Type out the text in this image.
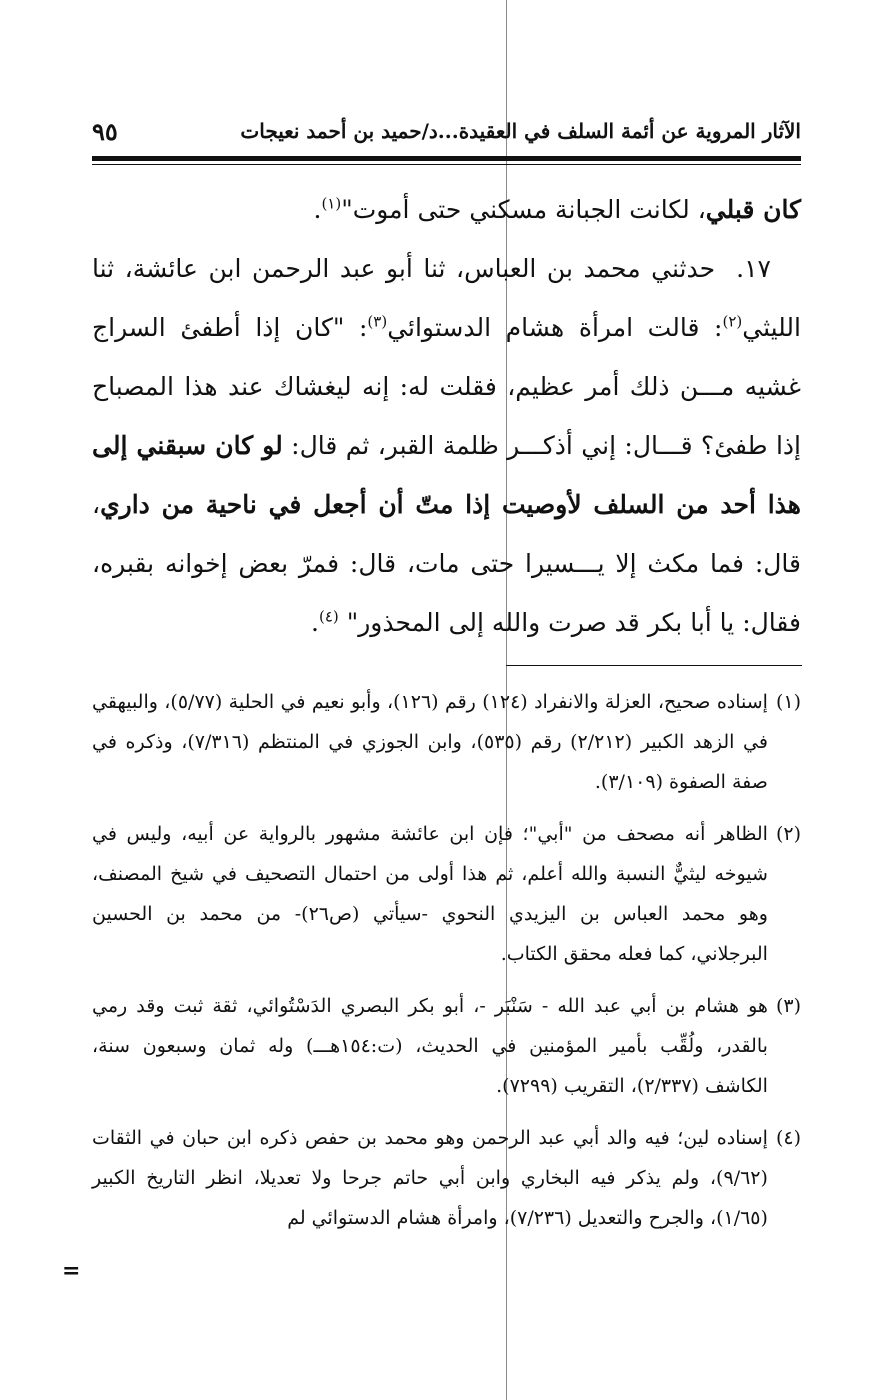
الآثار المروية عن أئمة السلف في العقيدة...د/حميد بن أحمد نعيجات
٩٥

كان قبلي، لكانت الجبانة مسكني حتى أموت"$^{(١)}$.

١٧.  حدثني محمد بن العباس، ثنا أبو عبد الرحمن ابن عائشة، ثنا الليثي$^{(٢)}$: قالت امرأة هشام الدستوائي$^{(٣)}$: "كان إذا أطفئ السراج غشيه مـــن ذلك أمر عظيم، فقلت له: إنه ليغشاك عند هذا المصباح إذا طفئ؟ قـــال: إني أذكـــر ظلمة القبر، ثم قال: لو كان سبقني إلى هذا أحد من السلف لأوصيت إذا متّ أن أجعل في ناحية من داري، قال: فما مكث إلا يـــسيرا حتى مات، قال: فمرّ بعض إخوانه بقبره، فقال: يا أبا بكر قد صرت والله إلى المحذور" $^{(٤)}$.

(١)
إسناده صحيح، العزلة والانفراد (١٢٤) رقم (١٢٦)، وأبو نعيم في الحلية (٥/٧٧)، والبيهقي في الزهد الكبير (٢/٢١٢) رقم (٥٣٥)، وابن الجوزي في المنتظم (٧/٣١٦)، وذكره في صفة الصفوة (٣/١٠٩).
(٢)
الظاهر أنه مصحف من "أبي"؛ فإن ابن عائشة مشهور بالرواية عن أبيه، وليس في شيوخه ليثيٌّ النسبة والله أعلم، ثم هذا أولى من احتمال التصحيف في شيخ المصنف، وهو محمد العباس بن اليزيدي النحوي -سيأتي (ص٢٦)- من محمد بن الحسين البرجلاني، كما فعله محقق الكتاب.
(٣)
هو هشام بن أبي عبد الله - سَنْبَر -، أبو بكر البصري الدَسْتُوائي، ثقة ثبت وقد رمي بالقدر، ولُقِّب بأمير المؤمنين في الحديث، (ت:١٥٤هـــ) وله ثمان وسبعون سنة، الكاشف (٢/٣٣٧)، التقريب (٧٢٩٩).
(٤)
إسناده لين؛ فيه والد أبي عبد الرحمن وهو محمد بن حفص ذكره ابن حبان في الثقات (٩/٦٢)، ولم يذكر فيه البخاري وابن أبي حاتم جرحا ولا تعديلا، انظر التاريخ الكبير (١/٦٥)، والجرح والتعديل (٧/٢٣٦)، وامرأة هشام الدستوائي لم
=
